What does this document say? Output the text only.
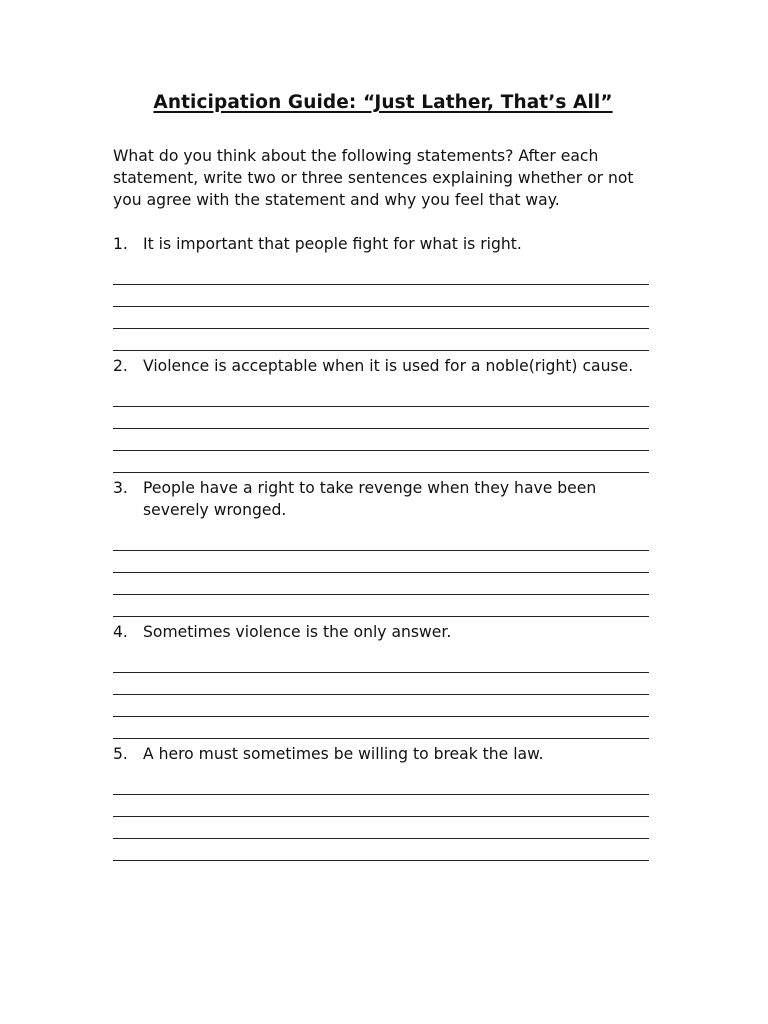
Anticipation Guide: “Just Lather, That’s All”

What do you think about the following statements? After each statement, write two or three sentences explaining whether or not you agree with the statement and why you feel that way.

1. It is important that people fight for what is right.
2. Violence is acceptable when it is used for a noble(right) cause.
3. People have a right to take revenge when they have been severely wronged.
4. Sometimes violence is the only answer.
5. A hero must sometimes be willing to break the law.
